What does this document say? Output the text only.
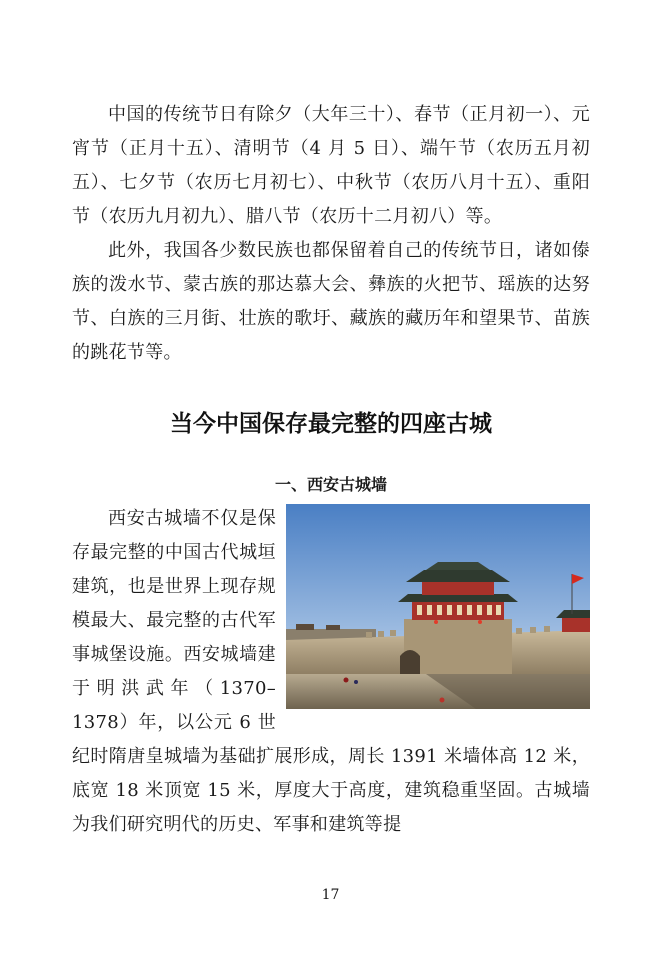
中国的传统节日有除夕（大年三十）、春节（正月初一）、元宵节（正月十五）、清明节（4 月 5 日）、端午节（农历五月初五）、七夕节（农历七月初七）、中秋节（农历八月十五）、重阳节（农历九月初九）、腊八节（农历十二月初八）等。

此外，我国各少数民族也都保留着自己的传统节日，诸如傣族的泼水节、蒙古族的那达慕大会、彝族的火把节、瑶族的达努节、白族的三月街、壮族的歌圩、藏族的藏历年和望果节、苗族的跳花节等。

当今中国保存最完整的四座古城
一、西安古城墙

西安古城墙不仅是保存最完整的中国古代城垣建筑，也是世界上现存规模最大、最完整的古代军事城堡设施。西安城墙建于明洪武年（1370–1378）年，以公元 6 世纪时隋唐皇城墙为基础扩展形成，周长 1391 米墙体高 12 米，底宽 18 米顶宽 15 米，厚度大于高度，建筑稳重坚固。古城墙为我们研究明代的历史、军事和建筑等提

17
